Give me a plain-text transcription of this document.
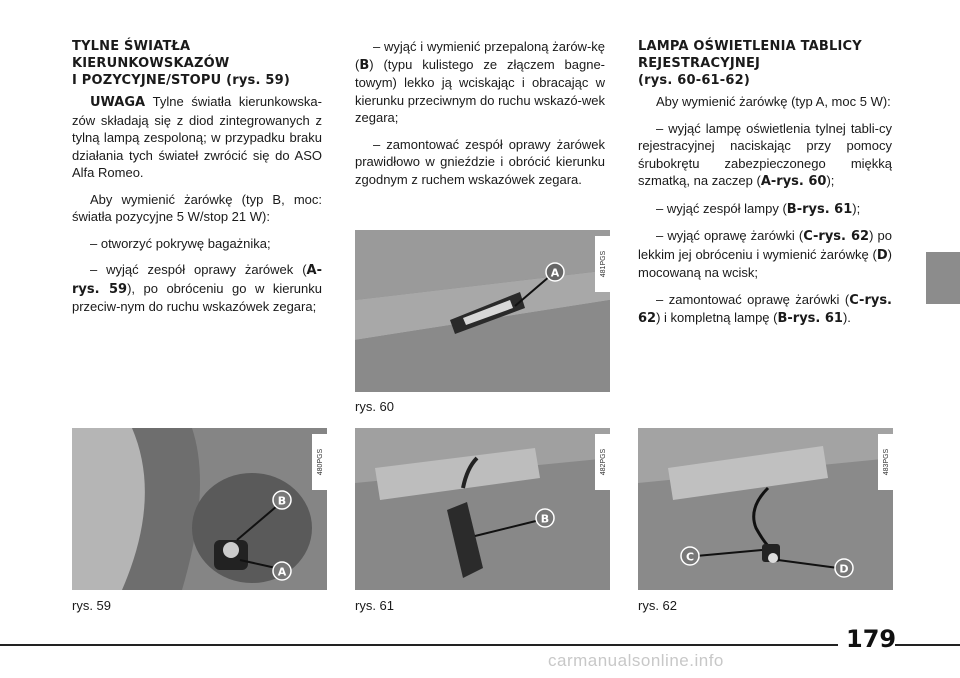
TYLNE ŚWIATŁA
KIERUNKOWSKAZÓW
I POZYCYJNE/STOPU (rys. 59)

UWAGA Tylne światła kierunkowska-zów składają się z diod zintegrowanych z tylną lampą zespoloną; w przypadku braku działania tych świateł zwrócić się do ASO Alfa Romeo.

Aby wymienić żarówkę (typ B, moc: światła pozycyjne 5 W/stop 21 W):

– otworzyć pokrywę bagażnika;

– wyjąć zespół oprawy żarówek (A-rys. 59), po obróceniu go w kierunku przeciw-nym do ruchu wskazówek zegara;

– wyjąć i wymienić przepaloną żarów-kę (B) (typu kulistego ze złączem bagne-towym) lekko ją wciskając i obracając w kierunku przeciwnym do ruchu wskazó-wek zegara;

– zamontować zespół oprawy żarówek prawidłowo w gnieździe i obrócić kierunku zgodnym z ruchem wskazówek zegara.

LAMPA OŚWIETLENIA TABLICY
REJESTRACYJNEJ
(rys. 60-61-62)

Aby wymienić żarówkę (typ A, moc 5 W):

– wyjąć lampę oświetlenia tylnej tabli-cy rejestracyjnej naciskając przy pomocy śrubokrętu zabezpieczonego miękką szmatką, na zaczep (A-rys. 60);

– wyjąć zespół lampy (B-rys. 61);

– wyjąć oprawę żarówki (C-rys. 62) po lekkim jej obróceniu i wymienić żarówkę (D) mocowaną na wcisk;

– zamontować oprawę żarówki (C-rys. 62) i kompletną lampę (B-rys. 61).

A	481PGS
rys. 60
B
A
480PGS
rys. 59
B
482PGS
rys. 61
C
D
483PGS
rys. 62
179
carmanualsonline.info
